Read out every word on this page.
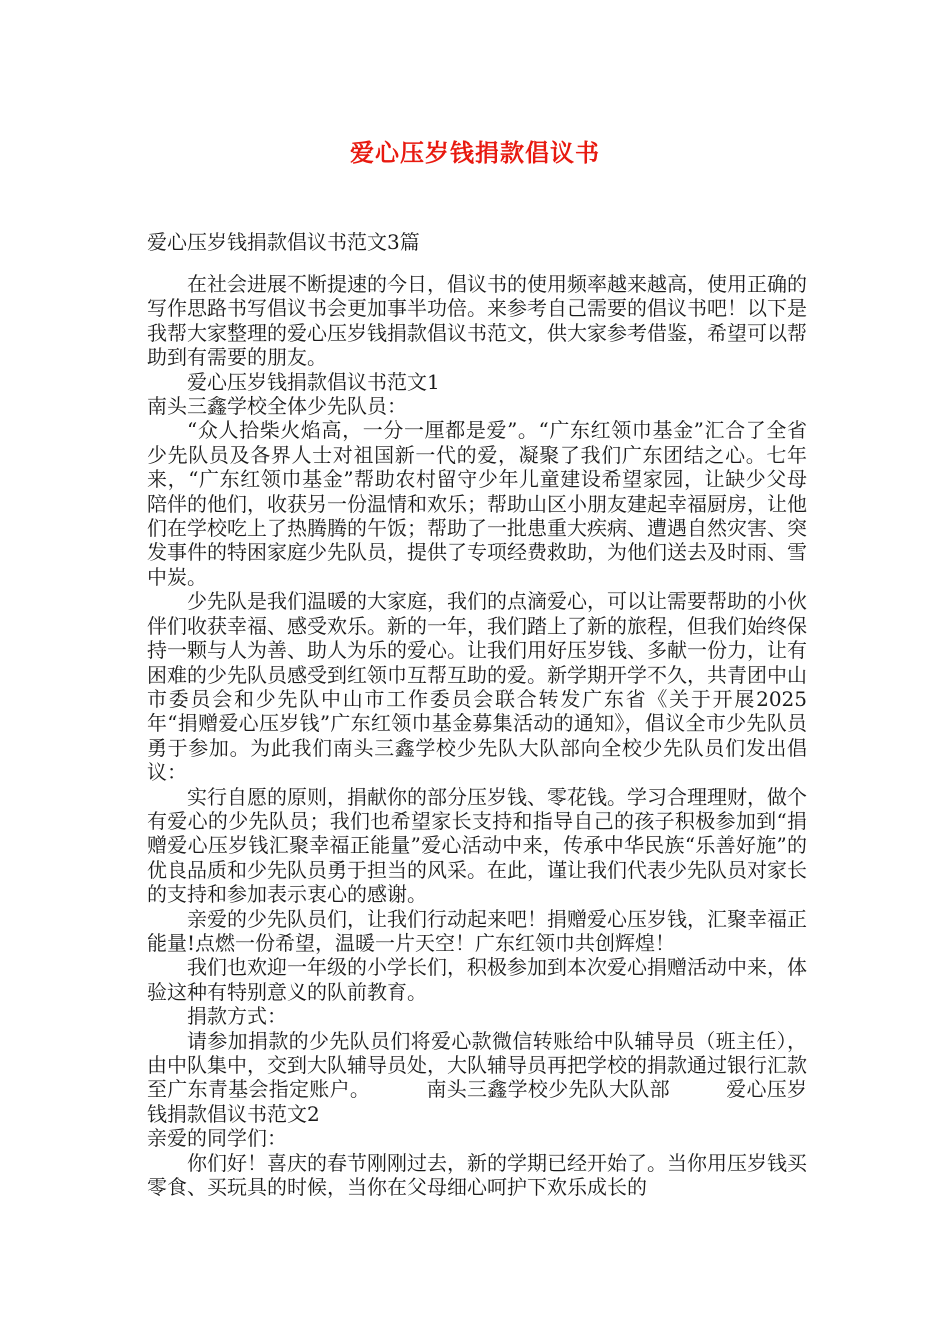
爱心压岁钱捐款倡议书
爱心压岁钱捐款倡议书范文3篇

在社会进展不断提速的今日，倡议书的使用频率越来越高，使用正确的写作思路书写倡议书会更加事半功倍。来参考自己需要的倡议书吧！以下是我帮大家整理的爱心压岁钱捐款倡议书范文，供大家参考借鉴，希望可以帮助到有需要的朋友。

爱心压岁钱捐款倡议书范文1

南头三鑫学校全体少先队员：

“众人拾柴火焰高，一分一厘都是爱”。“广东红领巾基金”汇合了全省少先队员及各界人士对祖国新一代的爱，凝聚了我们广东团结之心。七年来，“广东红领巾基金”帮助农村留守少年儿童建设希望家园，让缺少父母陪伴的他们，收获另一份温情和欢乐；帮助山区小朋友建起幸福厨房，让他们在学校吃上了热腾腾的午饭；帮助了一批患重大疾病、遭遇自然灾害、突发事件的特困家庭少先队员，提供了专项经费救助，为他们送去及时雨、雪中炭。

少先队是我们温暖的大家庭，我们的点滴爱心，可以让需要帮助的小伙伴们收获幸福、感受欢乐。新的一年，我们踏上了新的旅程，但我们始终保持一颗与人为善、助人为乐的爱心。让我们用好压岁钱、多献一份力，让有困难的少先队员感受到红领巾互帮互助的爱。新学期开学不久，共青团中山市委员会和少先队中山市工作委员会联合转发广东省《关于开展2025年“捐赠爱心压岁钱”广东红领巾基金募集活动的通知》，倡议全市少先队员勇于参加。为此我们南头三鑫学校少先队大队部向全校少先队员们发出倡议：

实行自愿的原则，捐献你的部分压岁钱、零花钱。学习合理理财，做个有爱心的少先队员；我们也希望家长支持和指导自己的孩子积极参加到“捐赠爱心压岁钱汇聚幸福正能量”爱心活动中来，传承中华民族“乐善好施”的优良品质和少先队员勇于担当的风采。在此，谨让我们代表少先队员对家长的支持和参加表示衷心的感谢。

亲爱的少先队员们，让我们行动起来吧！捐赠爱心压岁钱，汇聚幸福正能量!点燃一份希望，温暖一片天空！广东红领巾共创辉煌！

我们也欢迎一年级的小学长们，积极参加到本次爱心捐赠活动中来，体验这种有特别意义的队前教育。

捐款方式：

请参加捐款的少先队员们将爱心款微信转账给中队辅导员（班主任），由中队集中，交到大队辅导员处，大队辅导员再把学校的捐款通过银行汇款至广东青基会指定账户。	南头三鑫学校少先队大队部	爱心压岁钱捐款倡议书范文2

亲爱的同学们：

你们好！喜庆的春节刚刚过去，新的学期已经开始了。当你用压岁钱买零食、买玩具的时候，当你在父母细心呵护下欢乐成长的
